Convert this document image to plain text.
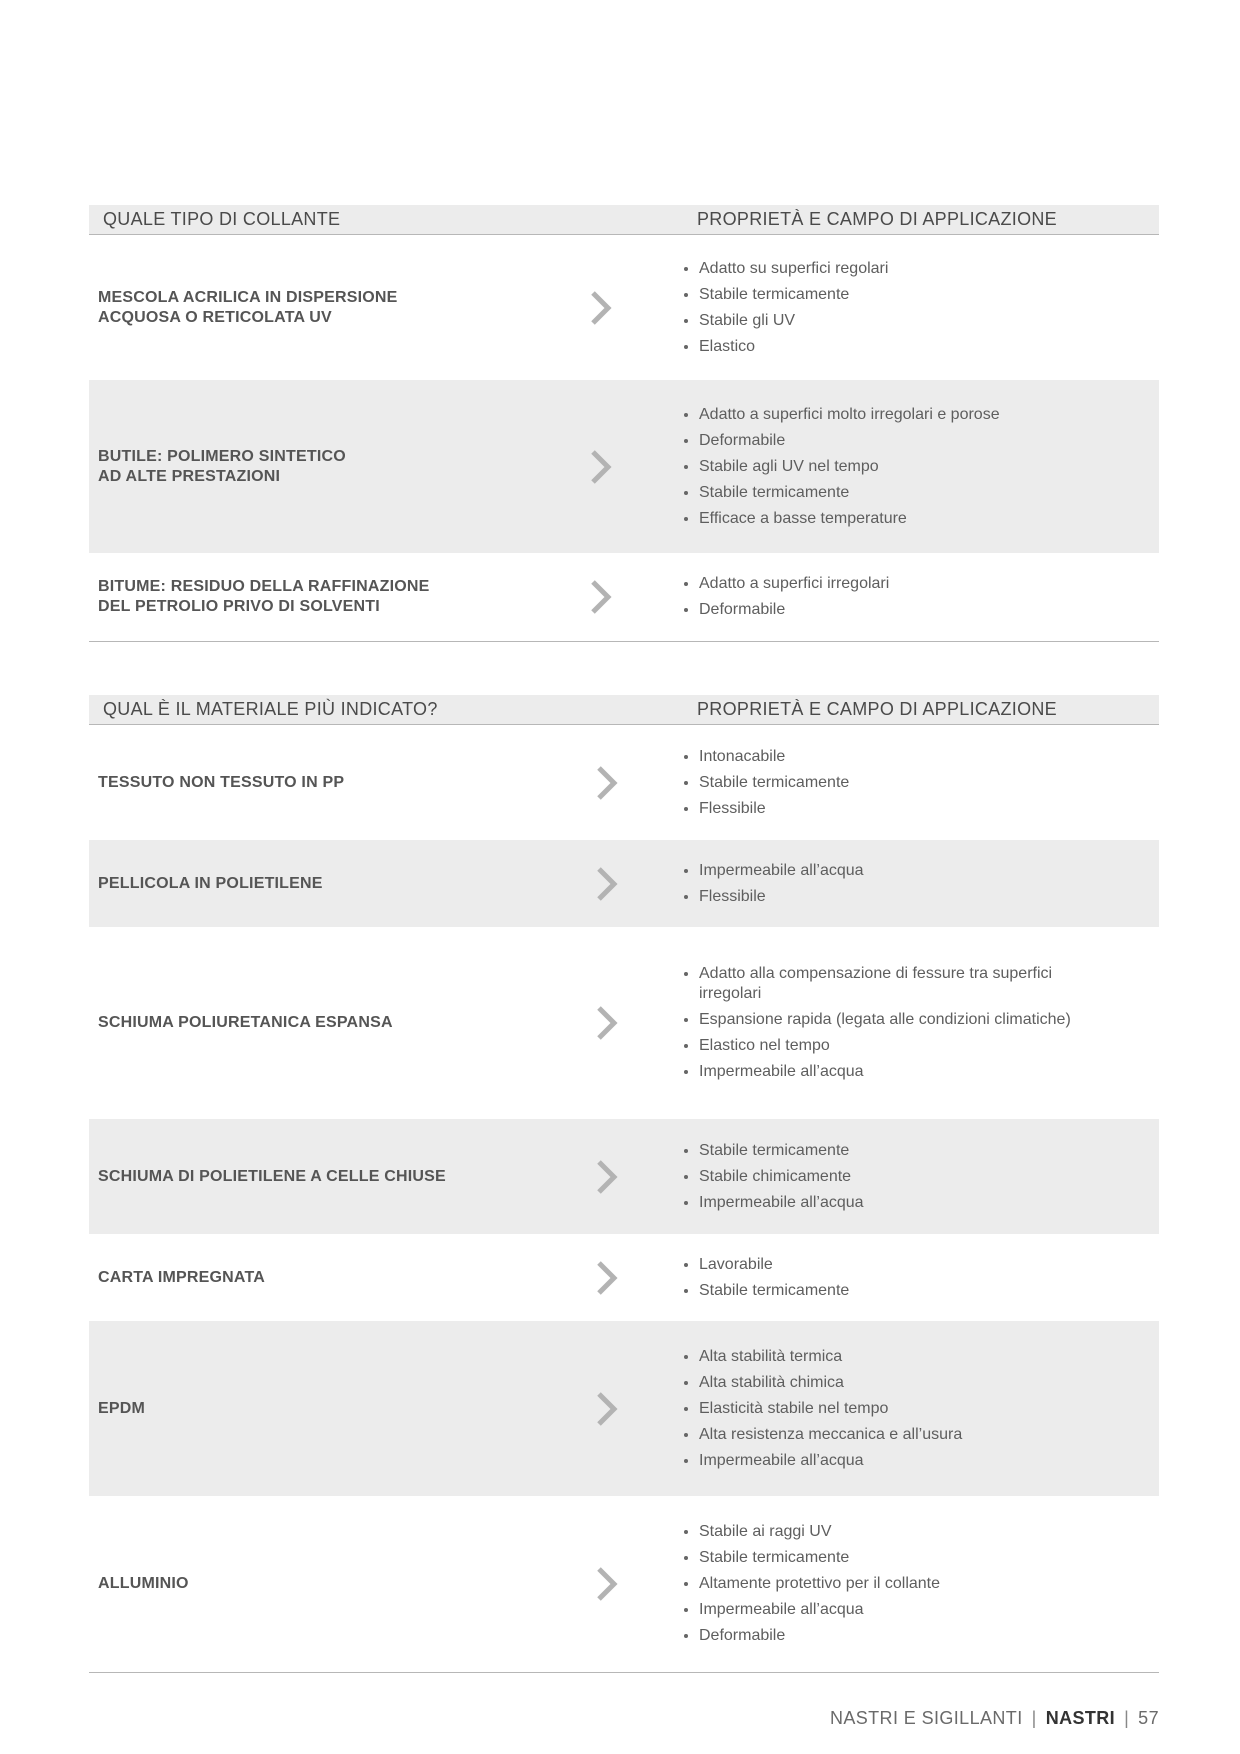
QUALE TIPO DI COLLANTE	PROPRIETÀ E CAMPO DI APPLICAZIONE
MESCOLA ACRILICA IN DISPERSIONE
ACQUOSA O RETICOLATA UV
• Adatto su superfici regolari
• Stabile termicamente
• Stabile gli UV
• Elastico
BUTILE: POLIMERO SINTETICO
AD ALTE PRESTAZIONI
• Adatto a superfici molto irregolari e porose
• Deformabile
• Stabile agli UV nel tempo
• Stabile termicamente
• Efficace a basse temperature
BITUME: RESIDUO DELLA RAFFINAZIONE
DEL PETROLIO PRIVO DI SOLVENTI
• Adatto a superfici irregolari
• Deformabile
QUAL È IL MATERIALE PIÙ INDICATO?	PROPRIETÀ E CAMPO DI APPLICAZIONE
TESSUTO NON TESSUTO IN PP
• Intonacabile
• Stabile termicamente
• Flessibile
PELLICOLA IN POLIETILENE
• Impermeabile all’acqua
• Flessibile
SCHIUMA POLIURETANICA ESPANSA
• Adatto alla compensazione di fessure tra superfici irregolari
• Espansione rapida (legata alle condizioni climatiche)
• Elastico nel tempo
• Impermeabile all’acqua
SCHIUMA DI POLIETILENE A CELLE CHIUSE
• Stabile termicamente
• Stabile chimicamente
• Impermeabile all’acqua
CARTA IMPREGNATA
• Lavorabile
• Stabile termicamente
EPDM
• Alta stabilità termica
• Alta stabilità chimica
• Elasticità stabile nel tempo
• Alta resistenza meccanica e all’usura
• Impermeabile all’acqua
ALLUMINIO
• Stabile ai raggi UV
• Stabile termicamente
• Altamente protettivo per il collante
• Impermeabile all’acqua
• Deformabile
NASTRI E SIGILLANTI | NASTRI | 57
